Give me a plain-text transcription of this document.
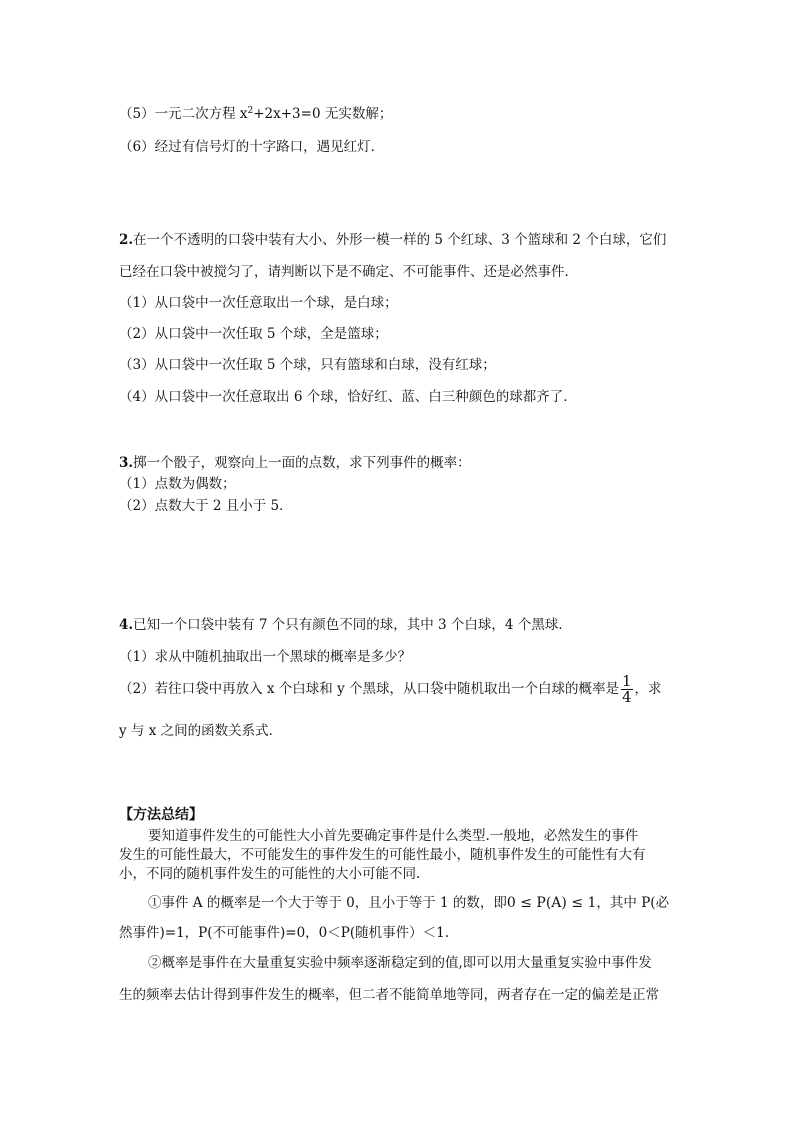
（5）一元二次方程 $x^2+2x+3=0$ 无实数解；
（6）经过有信号灯的十字路口，遇见红灯．
2.在一个不透明的口袋中装有大小、外形一模一样的 5 个红球、3 个篮球和 2 个白球，它们
已经在口袋中被搅匀了，请判断以下是不确定、不可能事件、还是必然事件．
（1）从口袋中一次任意取出一个球，是白球；
（2）从口袋中一次任取 5 个球，全是篮球；
（3）从口袋中一次任取 5 个球，只有篮球和白球，没有红球；
（4）从口袋中一次任意取出 6 个球，恰好红、蓝、白三种颜色的球都齐了．
3.掷一个骰子，观察向上一面的点数，求下列事件的概率：
（1）点数为偶数；
（2）点数大于 2 且小于 5．
4.已知一个口袋中装有 7 个只有颜色不同的球，其中 3 个白球，4 个黑球．
（1）求从中随机抽取出一个黑球的概率是多少？
（2）若往口袋中再放入 x 个白球和 y 个黑球，从口袋中随机取出一个白球的概率是 $\frac{1}{4}$ ，求
y 与 x 之间的函数关系式．
【方法总结】
要知道事件发生的可能性大小首先要确定事件是什么类型.一般地，必然发生的事件
发生的可能性最大，不可能发生的事件发生的可能性最小，随机事件发生的可能性有大有
小，不同的随机事件发生的可能性的大小可能不同.
①事件 A 的概率是一个大于等于 0，且小于等于 1 的数，即0 ≤ P(A) ≤ 1，其中 P(必
然事件)=1，P(不可能事件)=0，0＜P(随机事件）＜1.
②概率是事件在大量重复实验中频率逐渐稳定到的值,即可以用大量重复实验中事件发
生的频率去估计得到事件发生的概率，但二者不能简单地等同，两者存在一定的偏差是正常
